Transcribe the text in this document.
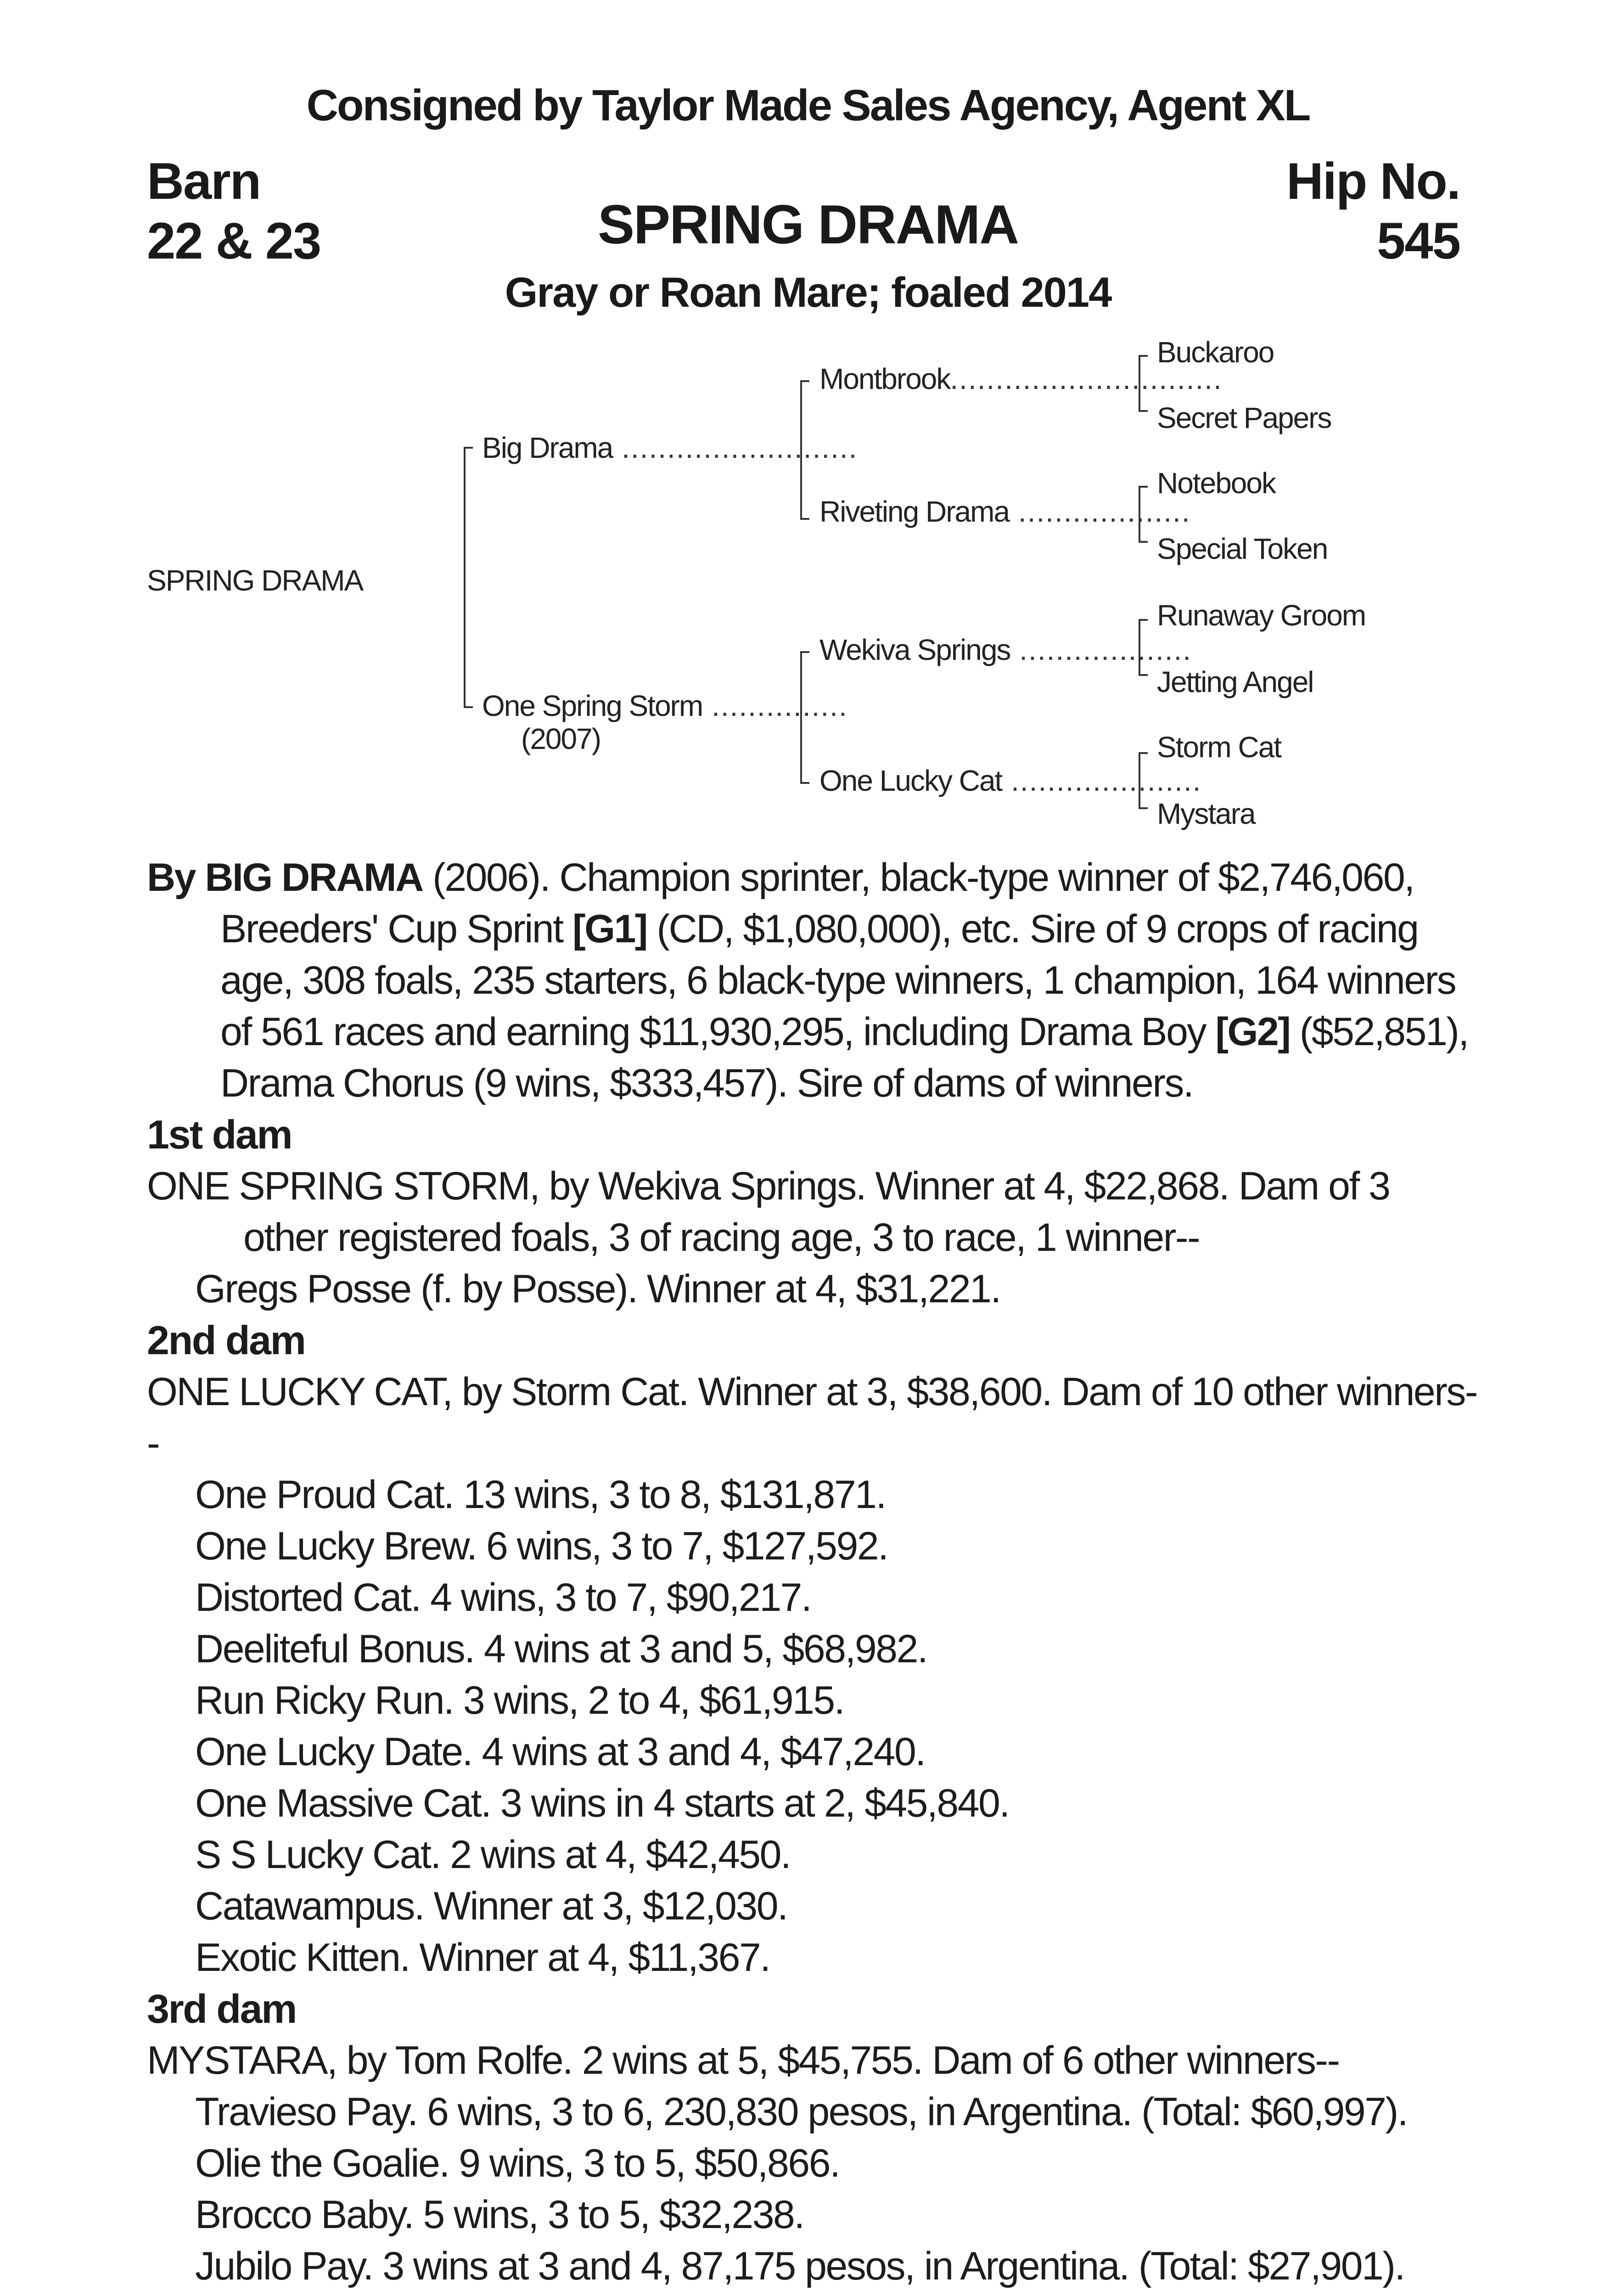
Consigned by Taylor Made Sales Agency, Agent XL
Barn
22 & 23
Hip No.
545
SPRING DRAMA
Gray or Roan Mare; foaled 2014
SPRING DRAMA
Big Drama ..........................
One Spring Storm ...............
(2007)
Montbrook..............................
Riveting Drama ...................
Wekiva Springs ...................
One Lucky Cat .....................
Buckaroo
Secret Papers
Notebook
Special Token
Runaway Groom
Jetting Angel
Storm Cat
Mystara

By BIG DRAMA (2006). Champion sprinter, black-type winner of $2,746,060, Breeders' Cup Sprint [G1] (CD, $1,080,000), etc. Sire of 9 crops of racing age, 308 foals, 235 starters, 6 black-type winners, 1 champion, 164 winners of 561 races and earning $11,930,295, including Drama Boy [G2] ($52,851), Drama Chorus (9 wins, $333,457). Sire of dams of winners.

1st dam

ONE SPRING STORM, by Wekiva Springs. Winner at 4, $22,868. Dam of 3 other registered foals, 3 of racing age, 3 to race, 1 winner--

Gregs Posse (f. by Posse). Winner at 4, $31,221.

2nd dam

ONE LUCKY CAT, by Storm Cat. Winner at 3, $38,600. Dam of 10 other winners--

One Proud Cat. 13 wins, 3 to 8, $131,871.

One Lucky Brew. 6 wins, 3 to 7, $127,592.

Distorted Cat. 4 wins, 3 to 7, $90,217.

Deeliteful Bonus. 4 wins at 3 and 5, $68,982.

Run Ricky Run. 3 wins, 2 to 4, $61,915.

One Lucky Date. 4 wins at 3 and 4, $47,240.

One Massive Cat. 3 wins in 4 starts at 2, $45,840.

S S Lucky Cat. 2 wins at 4, $42,450.

Catawampus. Winner at 3, $12,030.

Exotic Kitten. Winner at 4, $11,367.

3rd dam

MYSTARA, by Tom Rolfe. 2 wins at 5, $45,755. Dam of 6 other winners--

Travieso Pay. 6 wins, 3 to 6, 230,830 pesos, in Argentina. (Total: $60,997).

Olie the Goalie. 9 wins, 3 to 5, $50,866.

Brocco Baby. 5 wins, 3 to 5, $32,238.

Jubilo Pay. 3 wins at 3 and 4, 87,175 pesos, in Argentina. (Total: $27,901).
